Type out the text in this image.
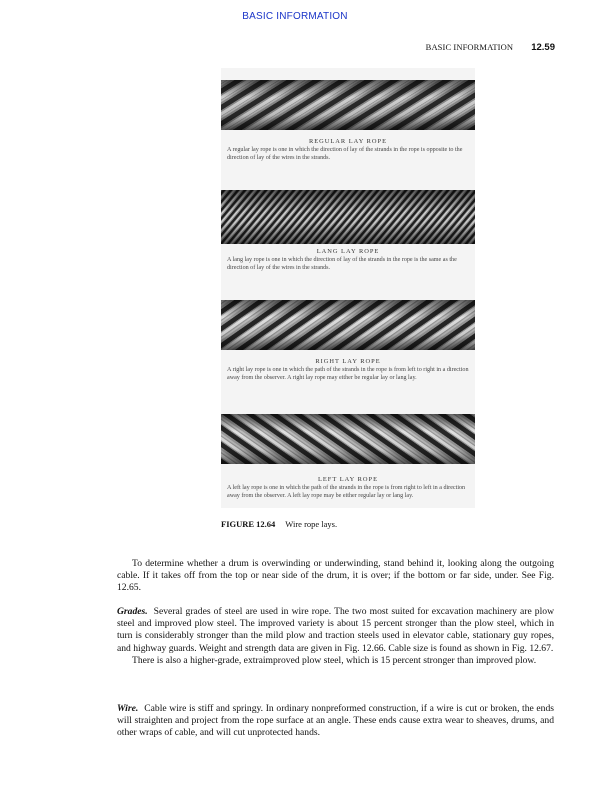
BASIC INFORMATION
BASIC INFORMATION 12.59
REGULAR LAY ROPE
A regular lay rope is one in which the direction of lay of the strands in the rope is opposite to the direction of lay of the wires in the strands.
LANG LAY ROPE
A lang lay rope is one in which the direction of lay of the strands in the rope is the same as the direction of lay of the wires in the strands.
RIGHT LAY ROPE
A right lay rope is one in which the path of the strands in the rope is from left to right in a direction away from the observer. A right lay rope may either be regular lay or lang lay.
LEFT LAY ROPE
A left lay rope is one in which the path of the strands in the rope is from right to left in a direction away from the observer. A left lay rope may be either regular lay or lang lay.
FIGURE 12.64 Wire rope lays.

To determine whether a drum is overwinding or underwinding, stand behind it, looking along the outgoing cable. If it takes off from the top or near side of the drum, it is over; if the bottom or far side, under. See Fig. 12.65.

Grades. Several grades of steel are used in wire rope. The two most suited for excavation machinery are plow steel and improved plow steel. The improved variety is about 15 percent stronger than the plow steel, which in turn is considerably stronger than the mild plow and traction steels used in elevator cable, stationary guy ropes, and highway guards. Weight and strength data are given in Fig. 12.66. Cable size is found as shown in Fig. 12.67.

There is also a higher-grade, extraimproved plow steel, which is 15 percent stronger than improved plow.

Wire. Cable wire is stiff and springy. In ordinary nonpreformed construction, if a wire is cut or broken, the ends will straighten and project from the rope surface at an angle. These ends cause extra wear to sheaves, drums, and other wraps of cable, and will cut unprotected hands.
